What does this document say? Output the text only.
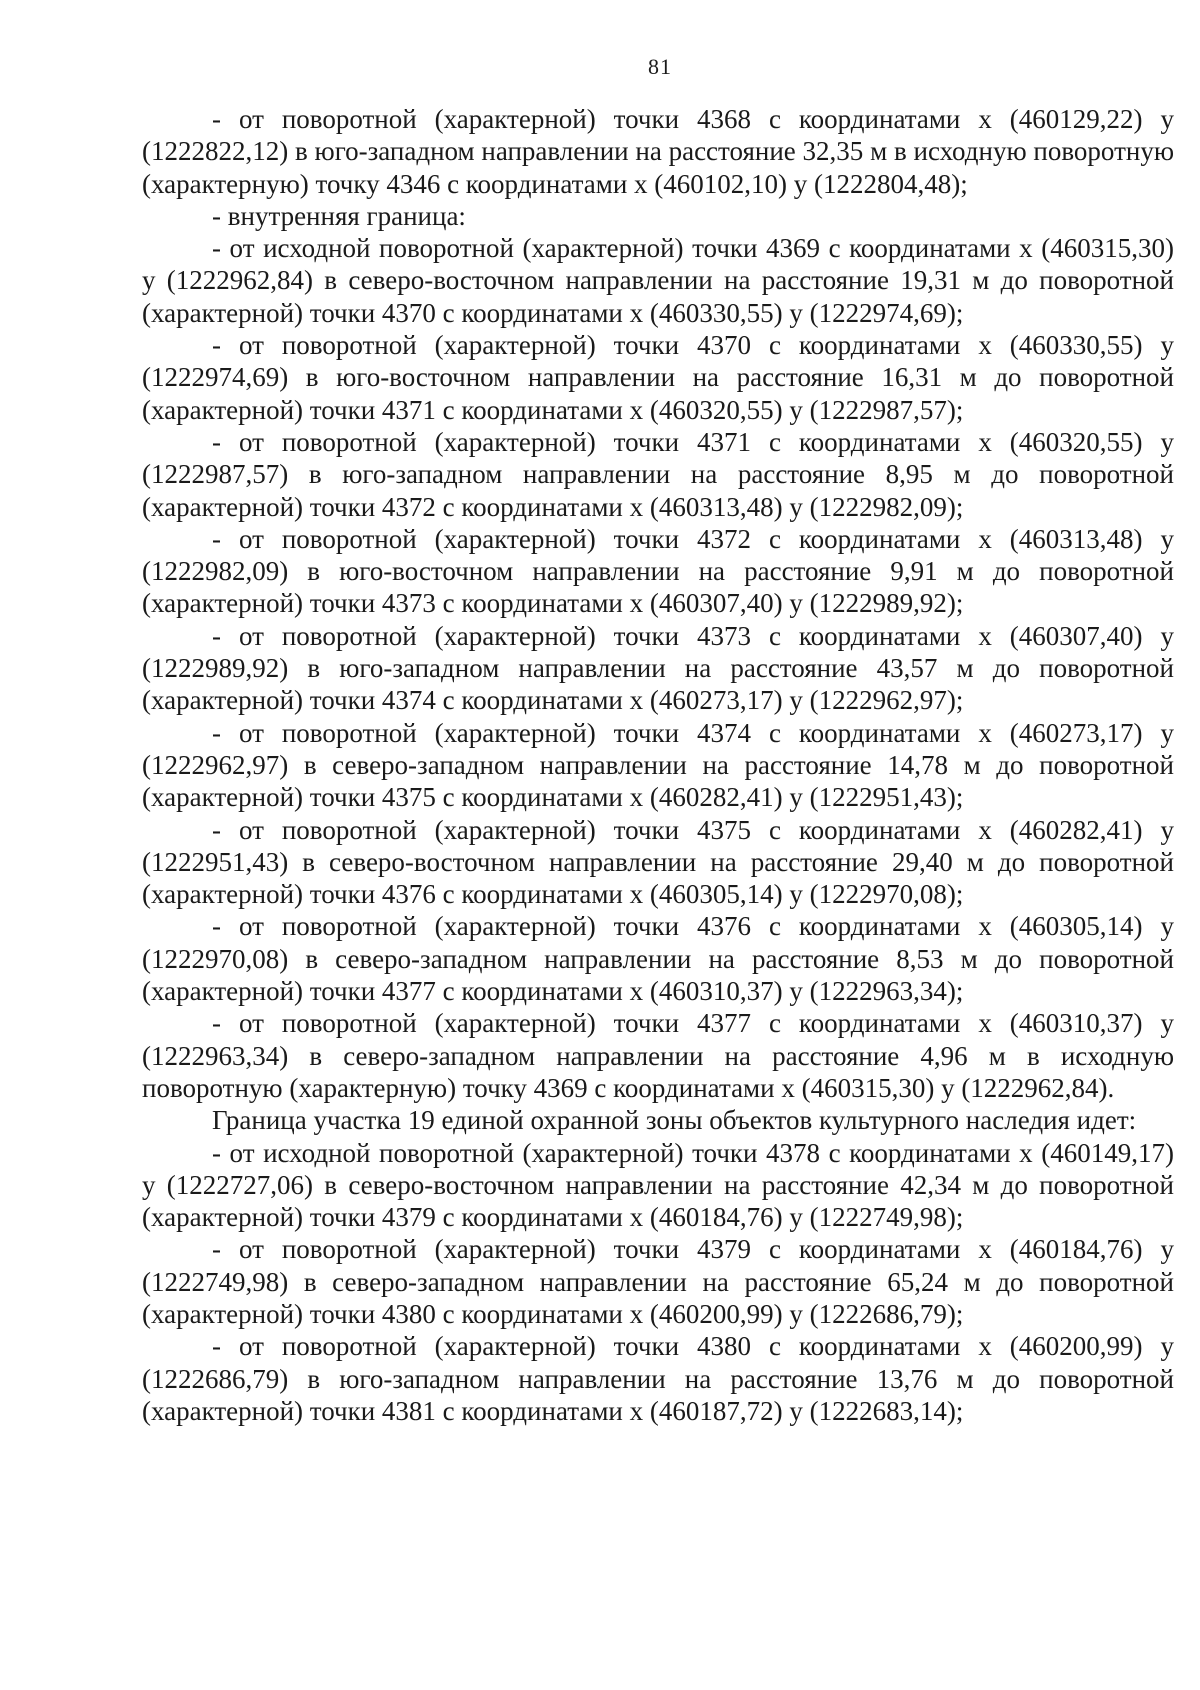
81

- от поворотной (характерной) точки 4368 с координатами x (460129,22) y (1222822,12) в юго-западном направлении на расстояние 32,35 м в исходную поворотную (характерную) точку 4346 с координатами x (460102,10) y (1222804,48);

- внутренняя граница:

- от исходной поворотной (характерной) точки 4369 с координатами x (460315,30) y (1222962,84) в северо-восточном направлении на расстояние 19,31 м до поворотной (характерной) точки 4370 с координатами x (460330,55) y (1222974,69);

- от поворотной (характерной) точки 4370 с координатами x (460330,55) y (1222974,69) в юго-восточном направлении на расстояние 16,31 м до поворотной (характерной) точки 4371 с координатами x (460320,55) y (1222987,57);

- от поворотной (характерной) точки 4371 с координатами x (460320,55) y (1222987,57) в юго-западном направлении на расстояние 8,95 м до поворотной (характерной) точки 4372 с координатами x (460313,48) y (1222982,09);

- от поворотной (характерной) точки 4372 с координатами x (460313,48) y (1222982,09) в юго-восточном направлении на расстояние 9,91 м до поворотной (характерной) точки 4373 с координатами x (460307,40) y (1222989,92);

- от поворотной (характерной) точки 4373 с координатами x (460307,40) y (1222989,92) в юго-западном направлении на расстояние 43,57 м до поворотной (характерной) точки 4374 с координатами x (460273,17) y (1222962,97);

- от поворотной (характерной) точки 4374 с координатами x (460273,17) y (1222962,97) в северо-западном направлении на расстояние 14,78 м до поворотной (характерной) точки 4375 с координатами x (460282,41) y (1222951,43);

- от поворотной (характерной) точки 4375 с координатами x (460282,41) y (1222951,43) в северо-восточном направлении на расстояние 29,40 м до поворотной (характерной) точки 4376 с координатами x (460305,14) y (1222970,08);

- от поворотной (характерной) точки 4376 с координатами x (460305,14) y (1222970,08) в северо-западном направлении на расстояние 8,53 м до поворотной (характерной) точки 4377 с координатами x (460310,37) y (1222963,34);

- от поворотной (характерной) точки 4377 с координатами x (460310,37) y (1222963,34) в северо-западном направлении на расстояние 4,96 м в исходную поворотную (характерную) точку 4369 с координатами x (460315,30) y (1222962,84).

Граница участка 19 единой охранной зоны объектов культурного наследия идет:

- от исходной поворотной (характерной) точки 4378 с координатами x (460149,17) y (1222727,06) в северо-восточном направлении на расстояние 42,34 м до поворотной (характерной) точки 4379 с координатами x (460184,76) y (1222749,98);

- от поворотной (характерной) точки 4379 с координатами x (460184,76) y (1222749,98) в северо-западном направлении на расстояние 65,24 м до поворотной (характерной) точки 4380 с координатами x (460200,99) y (1222686,79);

- от поворотной (характерной) точки 4380 с координатами x (460200,99) y (1222686,79) в юго-западном направлении на расстояние 13,76 м до поворотной (характерной) точки 4381 с координатами x (460187,72) y (1222683,14);
